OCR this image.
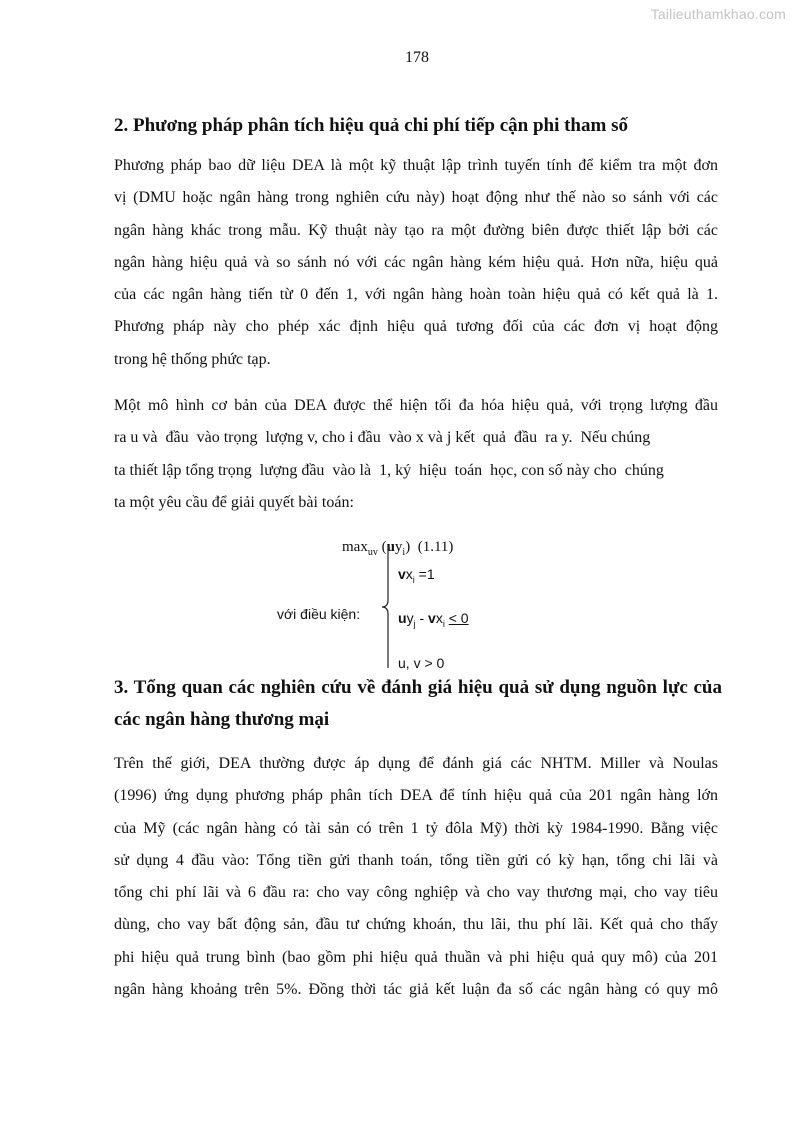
Tailieuthamkhao.com
178
2. Phương pháp phân tích hiệu quả chi phí tiếp cận phi tham số
Phương pháp bao dữ liệu DEA là một kỹ thuật lập trình tuyến tính để kiểm tra một đơn
vị (DMU hoặc ngân hàng trong nghiên cứu này) hoạt động như thế nào so sánh với các
ngân hàng khác trong mẫu. Kỹ thuật này tạo ra một đường biên được thiết lập bởi các
ngân hàng hiệu quả và so sánh nó với các ngân hàng kém hiệu quả. Hơn nữa, hiệu quả
của các ngân hàng tiến từ 0 đến 1, với ngân hàng hoàn toàn hiệu quả có kết quả là 1.
Phương pháp này cho phép xác định hiệu quả tương đối của các đơn vị hoạt động
trong hệ thống phức tạp.
Một mô hình cơ bản của DEA được thể hiện tối đa hóa hiệu quả, với trọng lượng đầu
ra u và  đầu  vào trọng  lượng v, cho i đầu  vào x và j kết  quả  đầu  ra y.  Nếu chúng
ta thiết lập tổng trọng  lượng đầu  vào là  1, ký  hiệu  toán  học, con số này cho  chúng
ta một yêu cầu để giải quyết bài toán:
$\max_{uv} (uy_i)$ (1.11)
với điều kiện:
$vx_i =1$
$uy_j - vx_i < 0$
u, v > 0
3. Tổng quan các nghiên cứu về đánh giá hiệu quả sử dụng nguồn lực của
các ngân hàng thương mại
Trên thế giới, DEA thường được áp dụng để đánh giá các NHTM. Miller và Noulas
(1996) ứng dụng phương pháp phân tích DEA để tính hiệu quả của 201 ngân hàng lớn
của Mỹ (các ngân hàng có tài sản có trên 1 tỷ đôla Mỹ) thời kỳ 1984-1990. Bằng việc
sử dụng 4 đầu vào: Tổng tiền gửi thanh toán, tổng tiền gửi có kỳ hạn, tổng chi lãi và
tổng chi phí lãi và 6 đầu ra: cho vay công nghiệp và cho vay thương mại, cho vay tiêu
dùng, cho vay bất động sản, đầu tư chứng khoán, thu lãi, thu phí lãi. Kết quả cho thấy
phi hiệu quả trung bình (bao gồm phi hiệu quả thuần và phi hiệu quả quy mô) của 201
ngân hàng khoảng trên 5%. Đồng thời tác giả kết luận đa số các ngân hàng có quy mô
